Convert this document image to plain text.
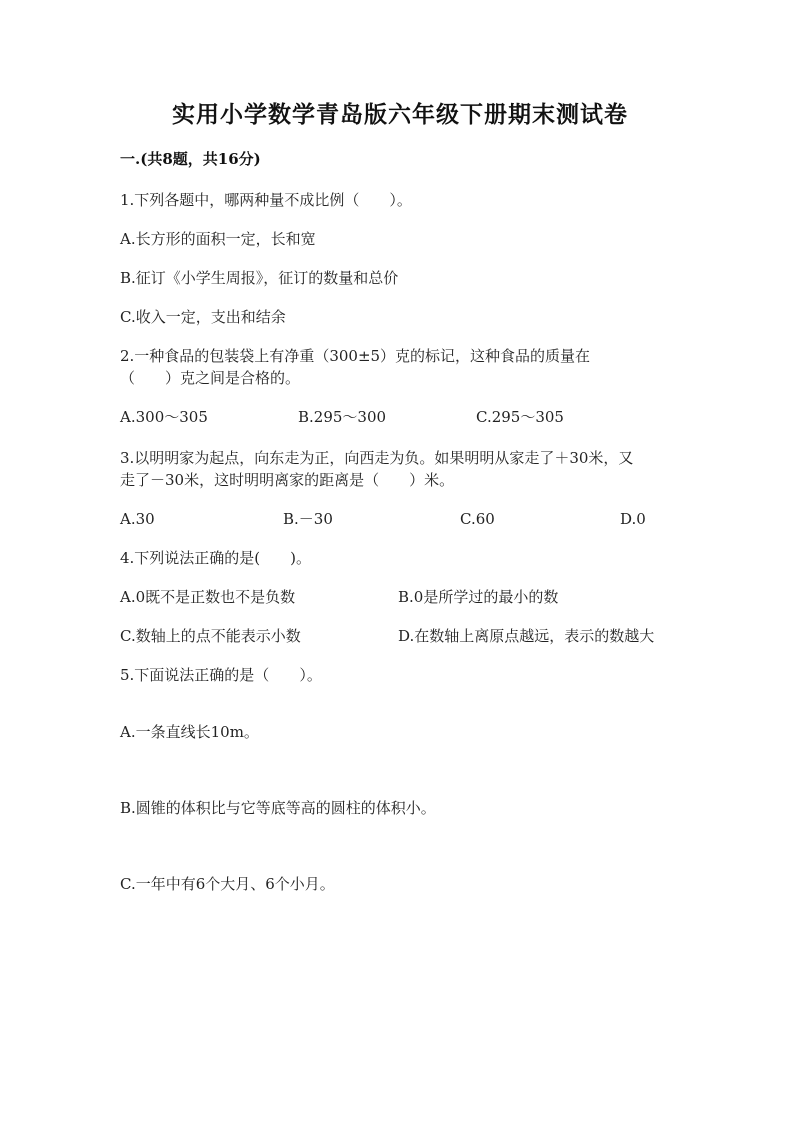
实用小学数学青岛版六年级下册期末测试卷
一.(共8题，共16分)
1.下列各题中，哪两种量不成比例（　　）。
A.长方形的面积一定，长和宽
B.征订《小学生周报》，征订的数量和总价
C.收入一定，支出和结余
2.一种食品的包装袋上有净重（300±5）克的标记，这种食品的质量在
（　　）克之间是合格的。
A.300～305	B.295～300	C.295～305
3.以明明家为起点，向东走为正，向西走为负。如果明明从家走了＋30米，又
走了－30米，这时明明离家的距离是（　　）米。
A.30	B.－30	C.60	D.0
4.下列说法正确的是(　　)。
A.0既不是正数也不是负数	B.0是所学过的最小的数
C.数轴上的点不能表示小数	D.在数轴上离原点越远，表示的数越大
5.下面说法正确的是（　　）。
A.一条直线长10m。
B.圆锥的体积比与它等底等高的圆柱的体积小。
C.一年中有6个大月、6个小月。
